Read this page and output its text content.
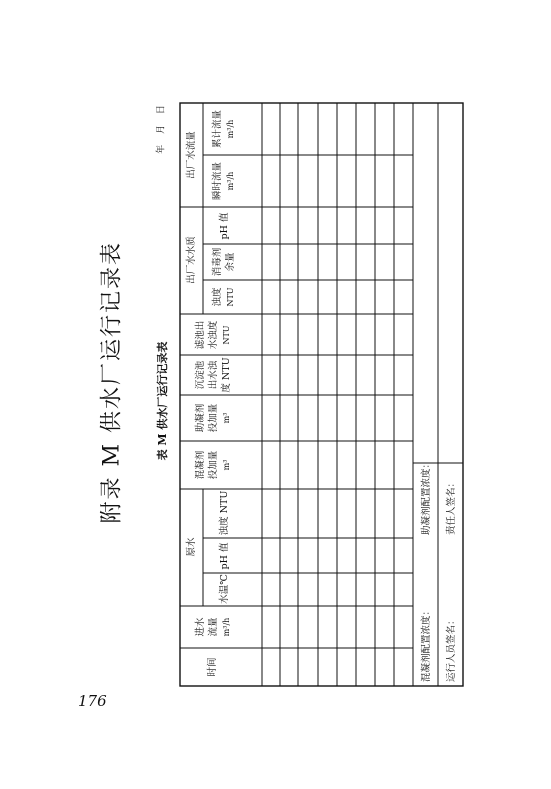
176
附录 M 供水厂运行记录表	表 M 供水厂运行记录表
年 月 日
时间
进水 流量 m³/h
原水
水温℃
pH 值
浊度 NTU
混凝剂 投加量 m³
助凝剂 投加量 m³
沉淀池 出水浊 度 NTU
滤池出 水浊度 NTU
出厂水水质
浊度 NTU
消毒剂 余量
pH 值
出厂水流量
瞬时流量 m³/h
累计流量 m³/h
混凝剂配置浓度：
助凝剂配置浓度：
运行人员签名：
责任人签名：
